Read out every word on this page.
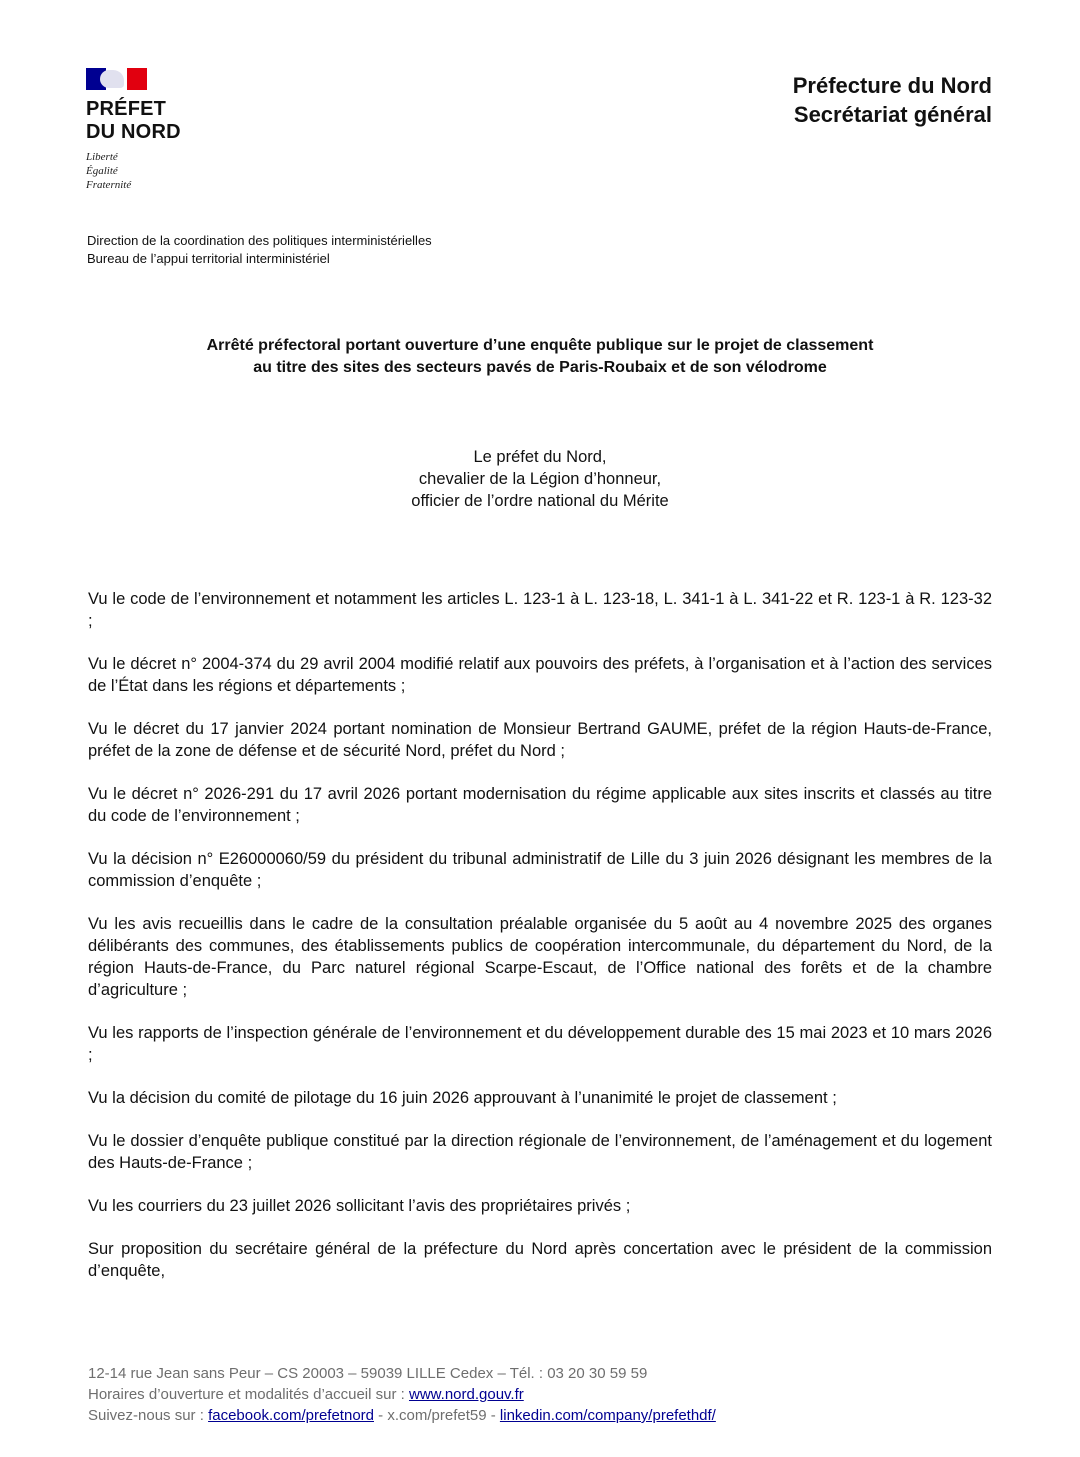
PRÉFET
DU NORD
Liberté
Égalité
Fraternité
Préfecture du Nord
Secrétariat général
Direction de la coordination des politiques interministérielles
Bureau de l’appui territorial interministériel
Arrêté préfectoral portant ouverture d’une enquête publique sur le projet de classement
au titre des sites des secteurs pavés de Paris-Roubaix et de son vélodrome
Le préfet du Nord,
chevalier de la Légion d’honneur,
officier de l’ordre national du Mérite

Vu le code de l’environnement et notamment les articles L. 123-1 à L. 123-18, L. 341-1 à L. 341-22 et R. 123-1 à R. 123-32 ;

Vu le décret n° 2004-374 du 29 avril 2004 modifié relatif aux pouvoirs des préfets, à l’organisation et à l’action des services de l’État dans les régions et départements ;

Vu le décret du 17 janvier 2024 portant nomination de Monsieur Bertrand GAUME, préfet de la région Hauts-de-France, préfet de la zone de défense et de sécurité Nord, préfet du Nord ;

Vu le décret n° 2026-291 du 17 avril 2026 portant modernisation du régime applicable aux sites inscrits et classés au titre du code de l’environnement ;

Vu la décision n° E26000060/59 du président du tribunal administratif de Lille du 3 juin 2026 désignant les membres de la commission d’enquête ;

Vu les avis recueillis dans le cadre de la consultation préalable organisée du 5 août au 4 novembre 2025 des organes délibérants des communes, des établissements publics de coopération intercommunale, du département du Nord, de la région Hauts-de-France, du Parc naturel régional Scarpe-Escaut, de l’Office national des forêts et de la chambre d’agriculture ;

Vu les rapports de l’inspection générale de l’environnement et du développement durable des 15 mai 2023 et 10 mars 2026 ;

Vu la décision du comité de pilotage du 16 juin 2026 approuvant à l’unanimité le projet de classement ;

Vu le dossier d’enquête publique constitué par la direction régionale de l’environnement, de l’aménagement et du logement des Hauts-de-France ;

Vu les courriers du 23 juillet 2026 sollicitant l’avis des propriétaires privés ;

Sur proposition du secrétaire général de la préfecture du Nord après concertation avec le président de la commission d’enquête,

12-14 rue Jean sans Peur – CS 20003 – 59039 LILLE Cedex – Tél. : 03 20 30 59 59
Horaires d’ouverture et modalités d’accueil sur : www.nord.gouv.fr
Suivez-nous sur : facebook.com/prefetnord - x.com/prefet59 - linkedin.com/company/prefethdf/
